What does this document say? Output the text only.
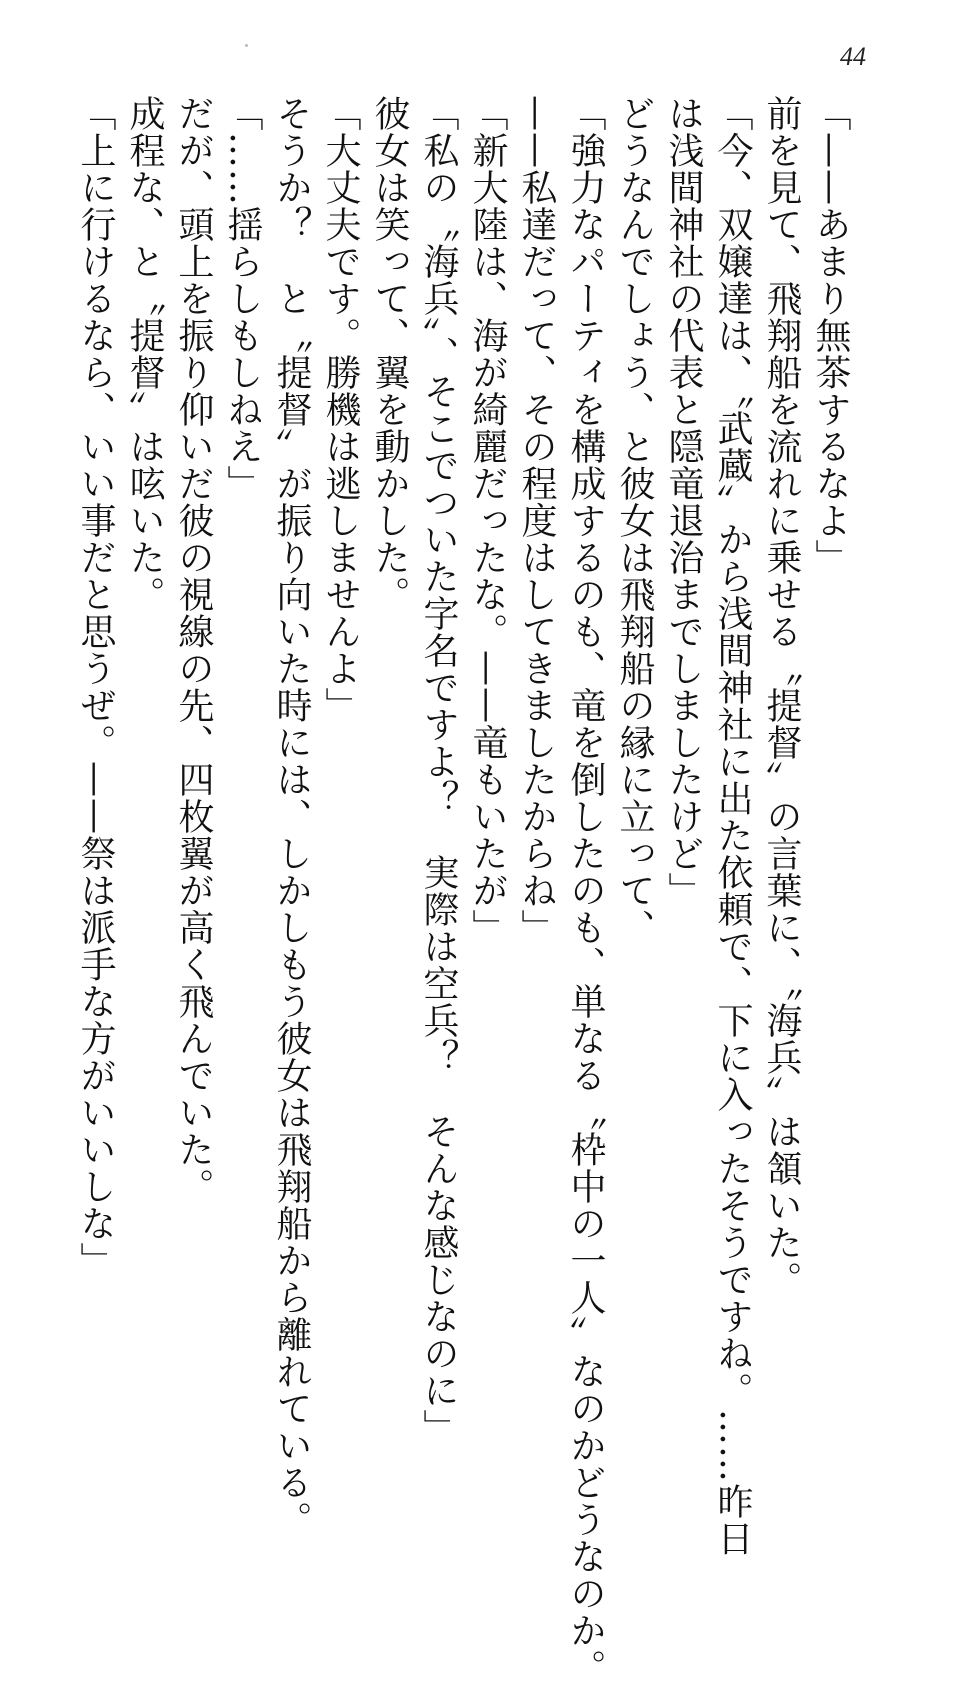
44
「——あまり無茶するなよ」
前を見て、飛翔船を流れに乗せる〝提督〟の言葉に、〝海兵〟は頷いた。
「今、双嬢達は、〝武蔵〟から浅間神社に出た依頼で、下に入ったそうですね。……昨日
は浅間神社の代表と隠竜退治までしましたけど」
どうなんでしょう、と彼女は飛翔船の縁に立って、
「強力なパーティを構成するのも、竜を倒したのも、単なる〝枠中の一人〟なのかどうなのか。
——私達だって、その程度はしてきましたからね」
「新大陸は、海が綺麗だったな。——竜もいたが」
「私の〝海兵〟、そこでついた字名ですよ？　実際は空兵？　そんな感じなのに」
彼女は笑って、翼を動かした。
「大丈夫です。勝機は逃しませんよ」
そうか？　と〝提督〟が振り向いた時には、しかしもう彼女は飛翔船から離れている。
「……揺らしもしねえ」
だが、頭上を振り仰いだ彼の視線の先、四枚翼が高く飛んでいた。
成程な、と〝提督〟は呟いた。
「上に行けるなら、いい事だと思うぜ。——祭は派手な方がいいしな」
